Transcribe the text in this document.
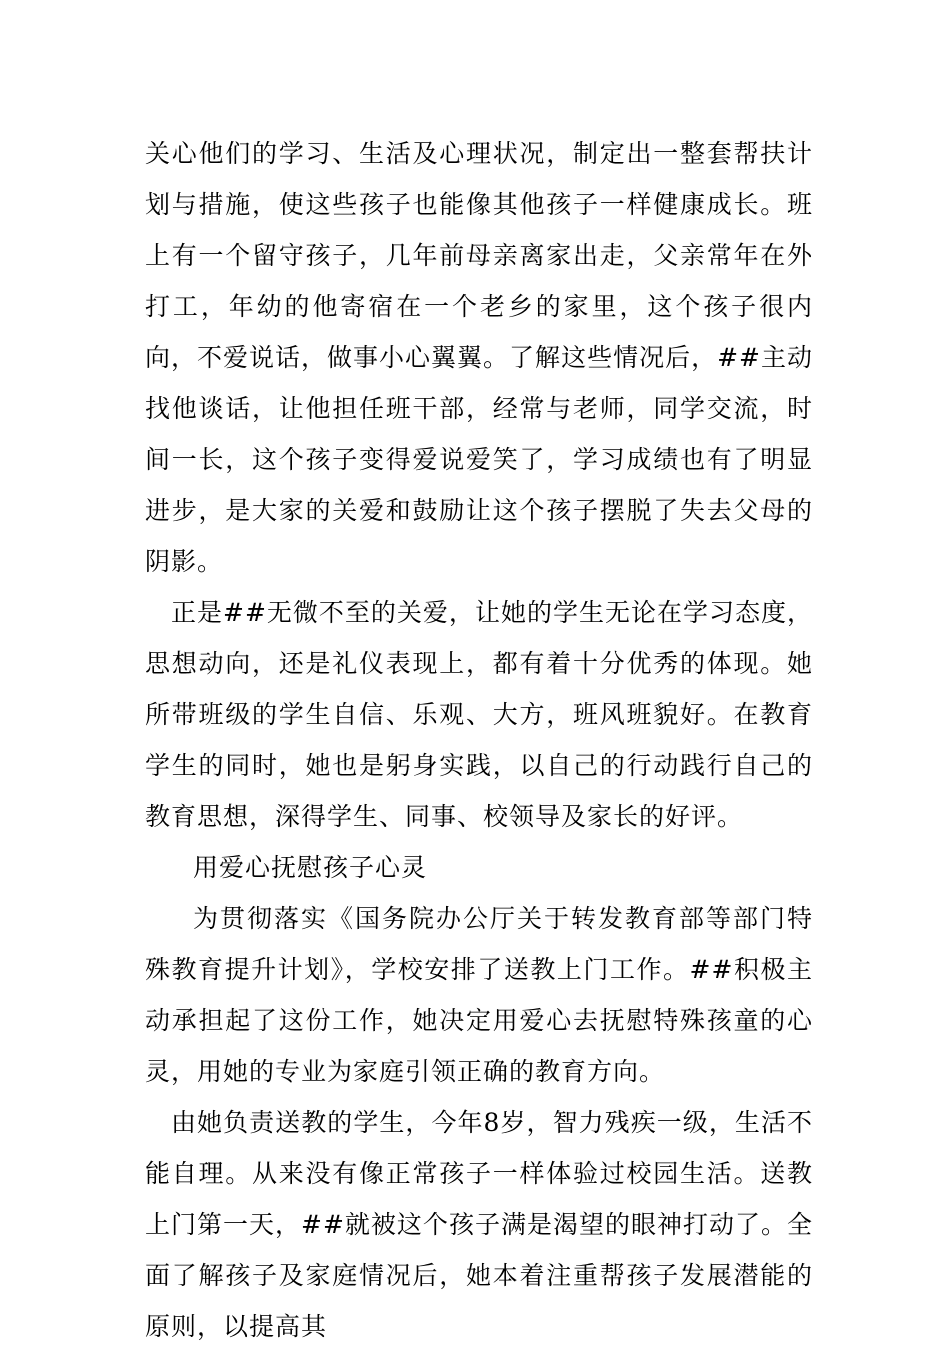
关心他们的学习、生活及心理状况，制定出一整套帮扶计划与措施，使这些孩子也能像其他孩子一样健康成长。班上有一个留守孩子，几年前母亲离家出走，父亲常年在外打工，年幼的他寄宿在一个老乡的家里，这个孩子很内向，不爱说话，做事小心翼翼。了解这些情况后，##主动找他谈话，让他担任班干部，经常与老师，同学交流，时间一长，这个孩子变得爱说爱笑了，学习成绩也有了明显进步，是大家的关爱和鼓励让这个孩子摆脱了失去父母的阴影。

正是##无微不至的关爱，让她的学生无论在学习态度，思想动向，还是礼仪表现上，都有着十分优秀的体现。她所带班级的学生自信、乐观、大方，班风班貌好。在教育学生的同时，她也是躬身实践，以自己的行动践行自己的教育思想，深得学生、同事、校领导及家长的好评。

用爱心抚慰孩子心灵

为贯彻落实《国务院办公厅关于转发教育部等部门特殊教育提升计划》，学校安排了送教上门工作。##积极主动承担起了这份工作，她决定用爱心去抚慰特殊孩童的心灵，用她的专业为家庭引领正确的教育方向。

由她负责送教的学生，今年8岁，智力残疾一级，生活不能自理。从来没有像正常孩子一样体验过校园生活。送教上门第一天，##就被这个孩子满是渴望的眼神打动了。全面了解孩子及家庭情况后，她本着注重帮孩子发展潜能的原则，以提高其
